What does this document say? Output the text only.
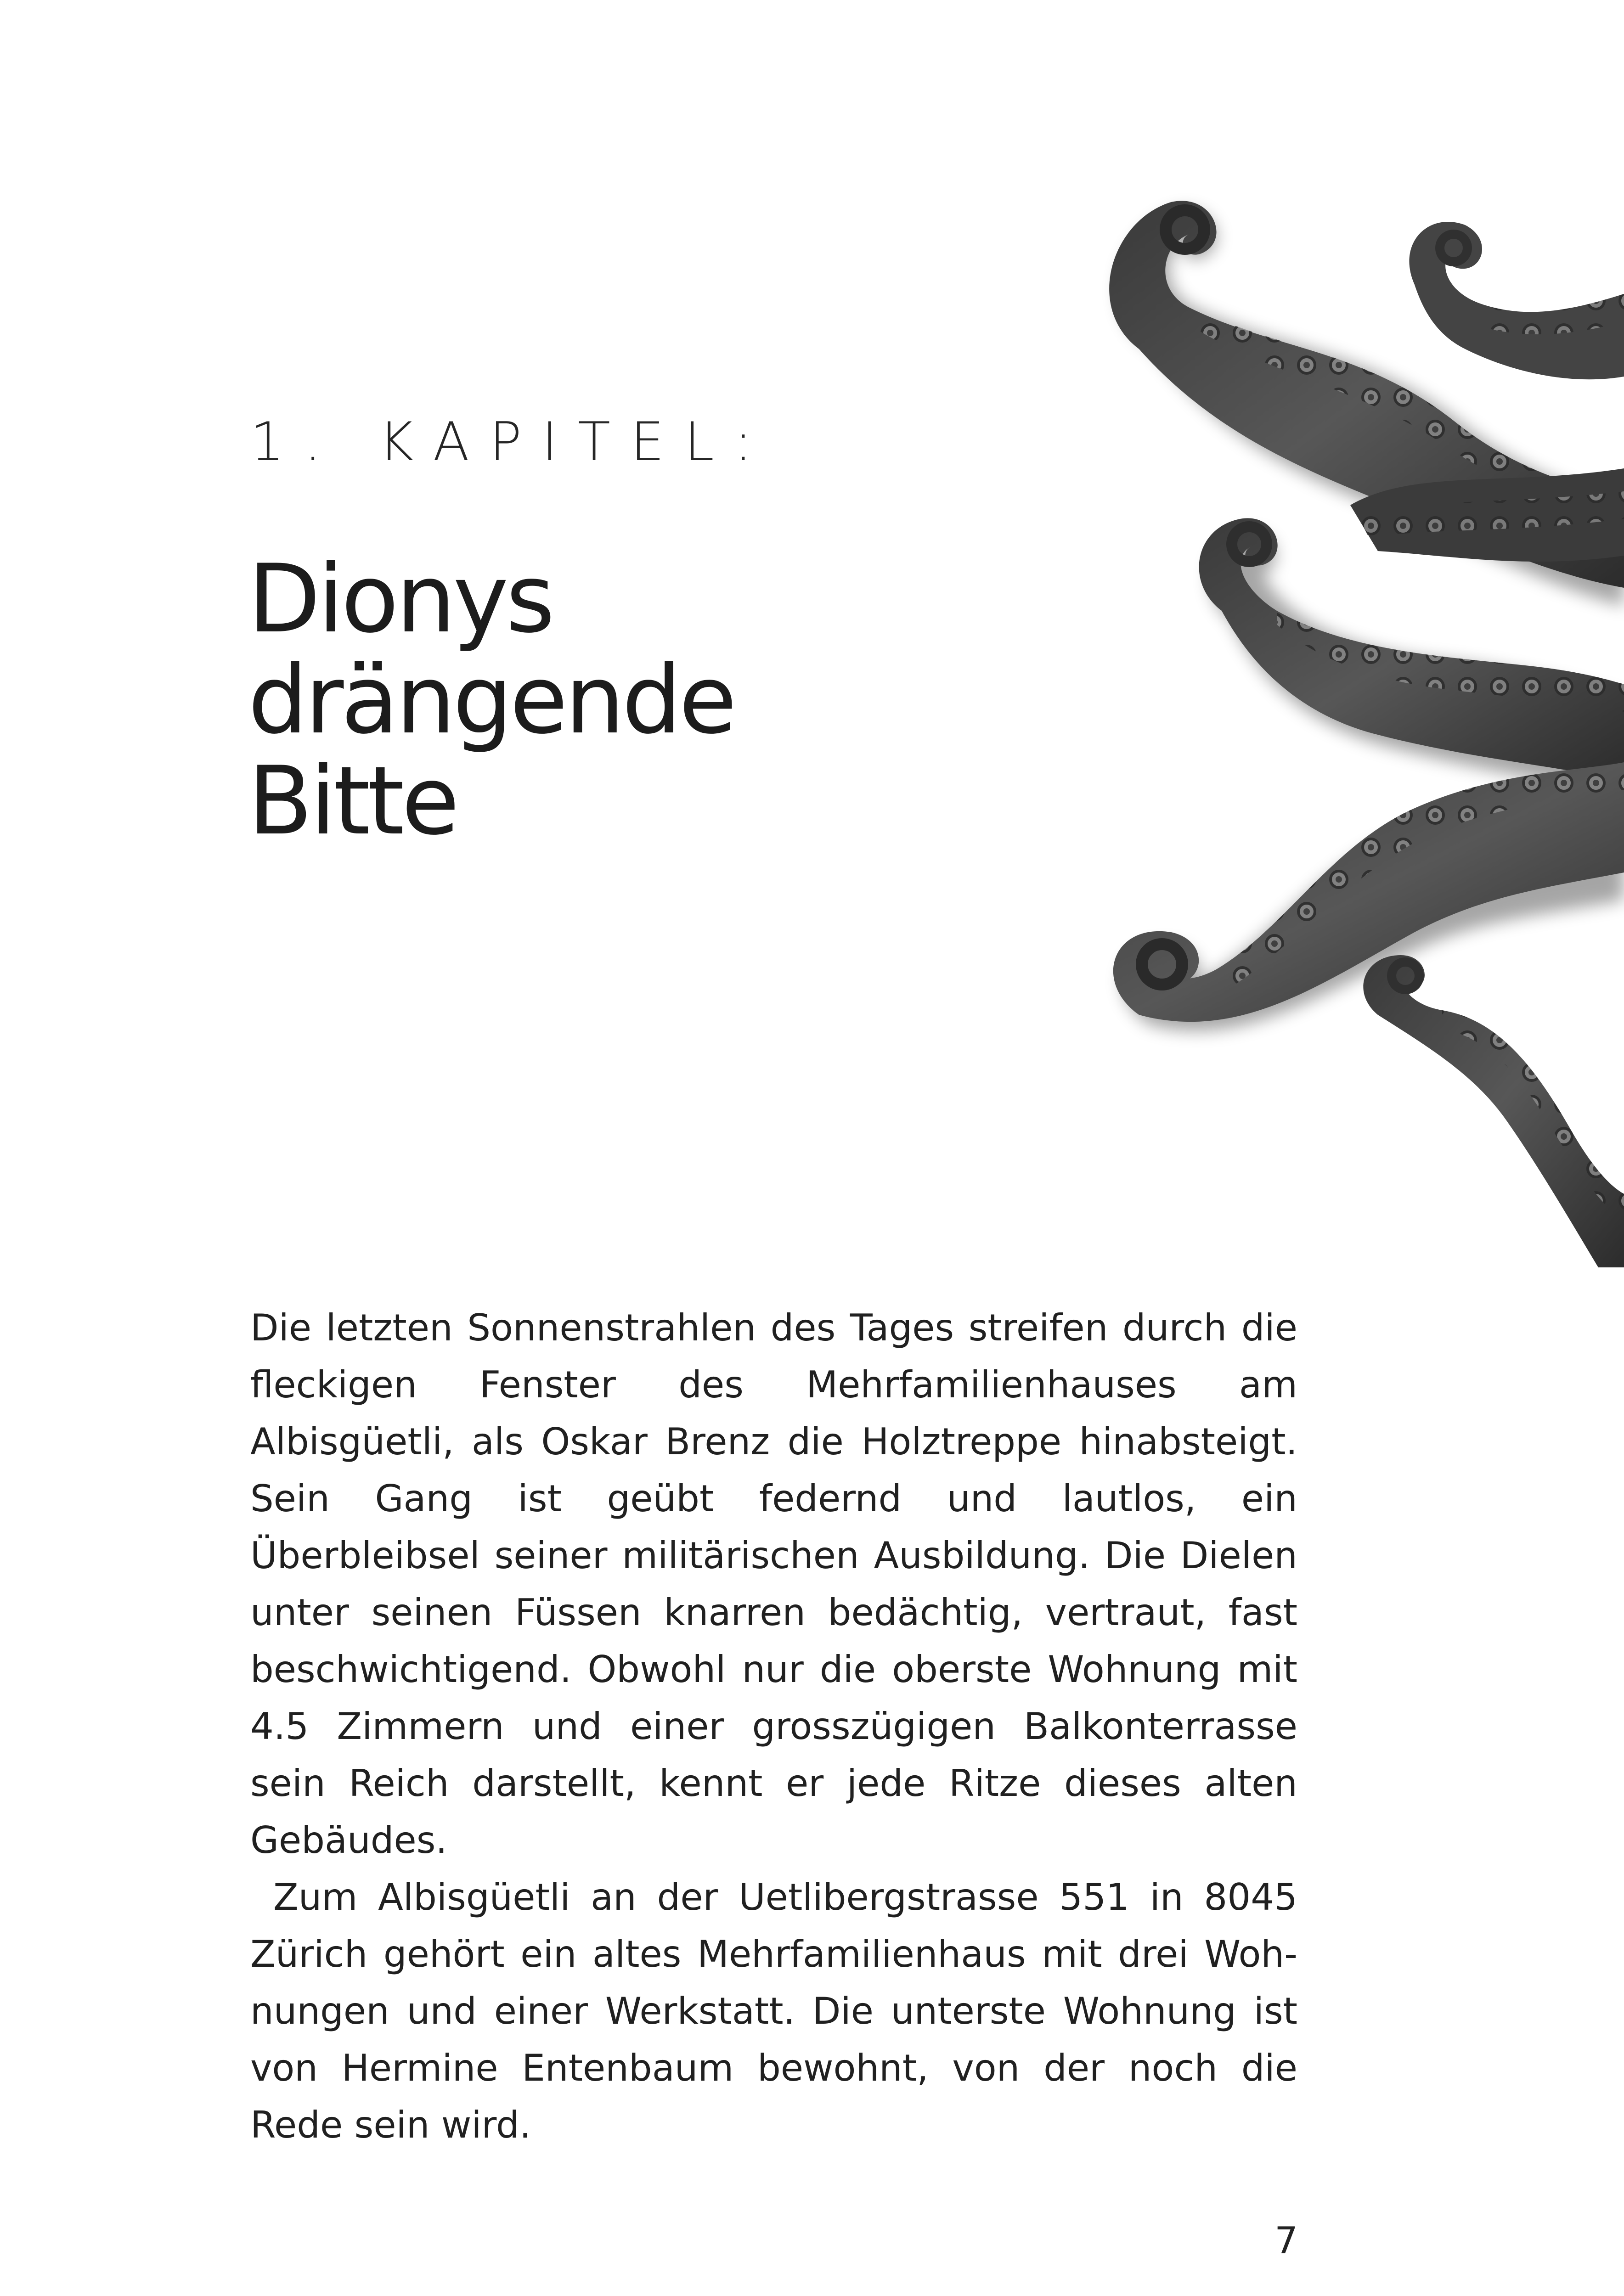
1. KAPITEL:
Dionys
drängende
Bitte

Die letzten Sonnenstrahlen des Tages streifen durch die fleckigen Fenster des Mehrfamilienhauses am Albisgüetli, als Oskar Brenz die Holztreppe hinabsteigt. Sein Gang ist geübt federnd und lautlos, ein Überbleibsel seiner militärischen Ausbildung. Die Dielen unter seinen Füssen knarren bedächtig, vertraut, fast beschwichtigend. Obwohl nur die oberste Wohnung mit 4.5 Zimmern und einer grosszügigen Balkonterrasse sein Reich darstellt, kennt er jede Ritze dieses alten Gebäudes.

Zum Albisgüetli an der Uetlibergstrasse 551 in 8045 Zürich gehört ein altes Mehrfamilienhaus mit drei Wohnungen und einer Werkstatt. Die unterste Wohnung ist von Hermine Entenbaum bewohnt, von der noch die Rede sein wird.

7
